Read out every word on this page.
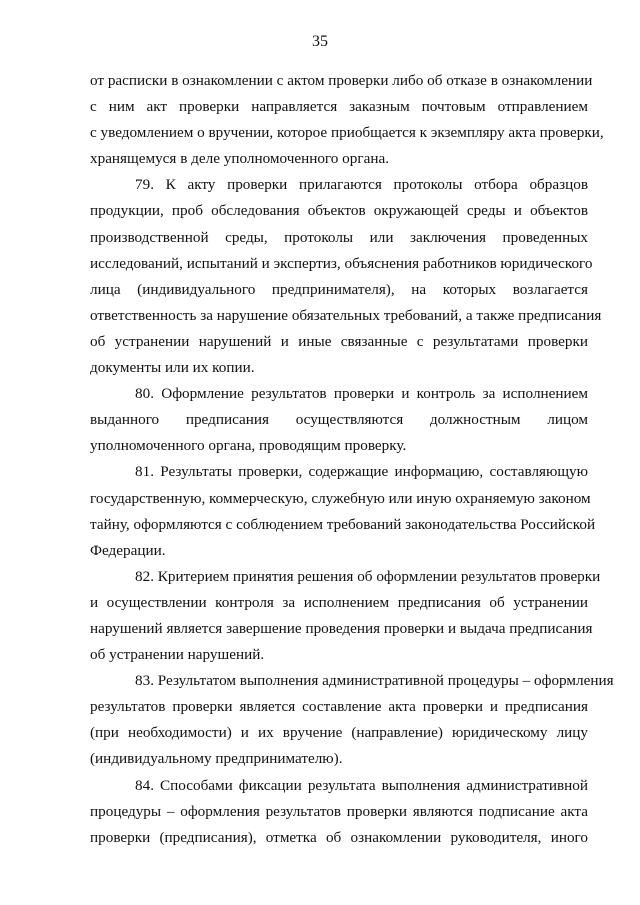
35

от расписки в ознакомлении с актом проверки либо об отказе в ознакомлении
с ним акт проверки направляется заказным почтовым отправлением
с уведомлением о вручении, которое приобщается к экземпляру акта проверки,
хранящемуся в деле уполномоченного органа.

79. К акту проверки прилагаются протоколы отбора образцов
продукции, проб обследования объектов окружающей среды и объектов
производственной среды, протоколы или заключения проведенных
исследований, испытаний и экспертиз, объяснения работников юридического
лица (индивидуального предпринимателя), на которых возлагается
ответственность за нарушение обязательных требований, а также предписания
об устранении нарушений и иные связанные с результатами проверки
документы или их копии.

80. Оформление результатов проверки и контроль за исполнением
выданного предписания осуществляются должностным лицом
уполномоченного органа, проводящим проверку.

81. Результаты проверки, содержащие информацию, составляющую
государственную, коммерческую, служебную или иную охраняемую законом
тайну, оформляются с соблюдением требований законодательства Российской
Федерации.

82. Критерием принятия решения об оформлении результатов проверки
и осуществлении контроля за исполнением предписания об устранении
нарушений является завершение проведения проверки и выдача предписания
об устранении нарушений.

83. Результатом выполнения административной процедуры – оформления
результатов проверки является составление акта проверки и предписания
(при необходимости) и их вручение (направление) юридическому лицу
(индивидуальному предпринимателю).

84. Способами фиксации результата выполнения административной
процедуры – оформления результатов проверки являются подписание акта
проверки (предписания), отметка об ознакомлении руководителя, иного
